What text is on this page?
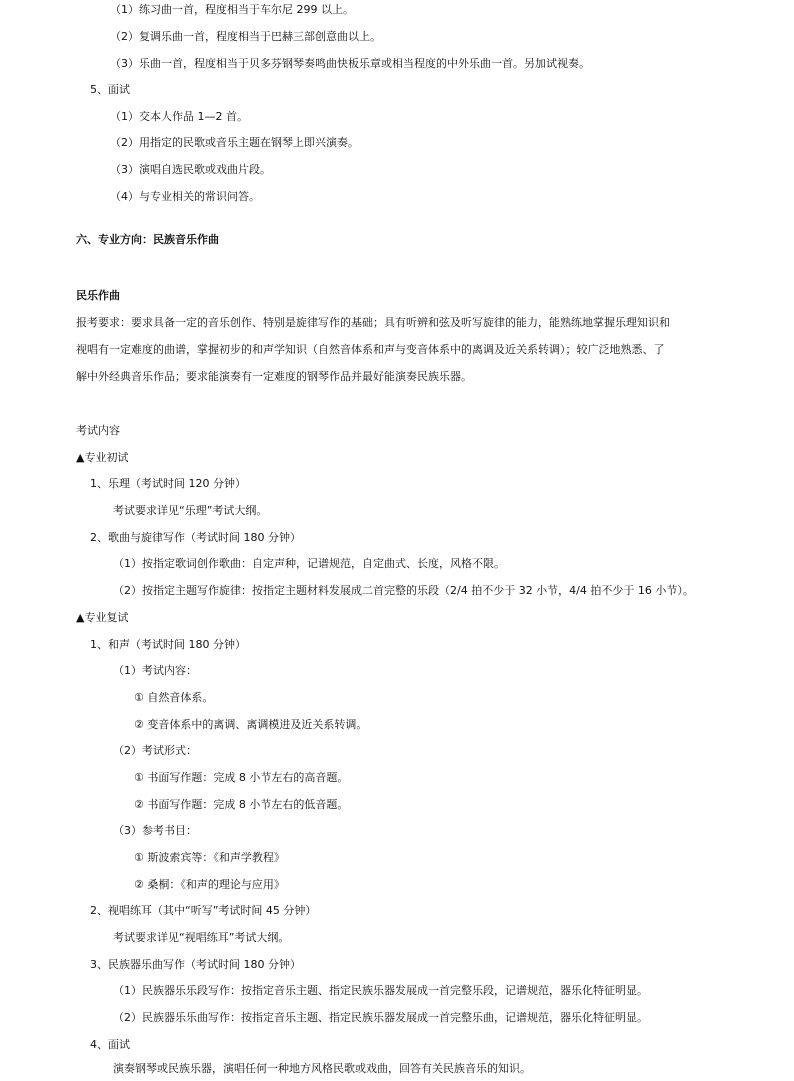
（1）练习曲一首，程度相当于车尔尼 299 以上。
（2）复调乐曲一首，程度相当于巴赫三部创意曲以上。
（3）乐曲一首，程度相当于贝多芬钢琴奏鸣曲快板乐章或相当程度的中外乐曲一首。另加试视奏。
5、面试
（1）交本人作品 1—2 首。
（2）用指定的民歌或音乐主题在钢琴上即兴演奏。
（3）演唱自选民歌或戏曲片段。
（4）与专业相关的常识问答。
六、专业方向：民族音乐作曲
民乐作曲
报考要求：要求具备一定的音乐创作、特别是旋律写作的基础；具有听辨和弦及听写旋律的能力，能熟练地掌握乐理知识和
视唱有一定难度的曲谱，掌握初步的和声学知识（自然音体系和声与变音体系中的离调及近关系转调）；较广泛地熟悉、了
解中外经典音乐作品；要求能演奏有一定难度的钢琴作品并最好能演奏民族乐器。
考试内容
▲专业初试
1、乐理（考试时间 120 分钟）
考试要求详见“乐理”考试大纲。
2、歌曲与旋律写作（考试时间 180 分钟）
（1）按指定歌词创作歌曲：自定声种，记谱规范，自定曲式、长度，风格不限。
（2）按指定主题写作旋律：按指定主题材料发展成二首完整的乐段（2/4 拍不少于 32 小节，4/4 拍不少于 16 小节）。
▲专业复试
1、和声（考试时间 180 分钟）
（1）考试内容：
① 自然音体系。
② 变音体系中的离调、离调模进及近关系转调。
（2）考试形式：
① 书面写作题：完成 8 小节左右的高音题。
② 书面写作题：完成 8 小节左右的低音题。
（3）参考书目：
① 斯波索宾等：《和声学教程》
② 桑桐：《和声的理论与应用》
2、视唱练耳（其中“听写”考试时间 45 分钟）
考试要求详见“视唱练耳”考试大纲。
3、民族器乐曲写作（考试时间 180 分钟）
（1）民族器乐乐段写作：按指定音乐主题、指定民族乐器发展成一首完整乐段，记谱规范，器乐化特征明显。
（2）民族器乐乐曲写作：按指定音乐主题、指定民族乐器发展成一首完整乐曲，记谱规范，器乐化特征明显。
4、面试
演奏钢琴或民族乐器，演唱任何一种地方风格民歌或戏曲，回答有关民族音乐的知识。
